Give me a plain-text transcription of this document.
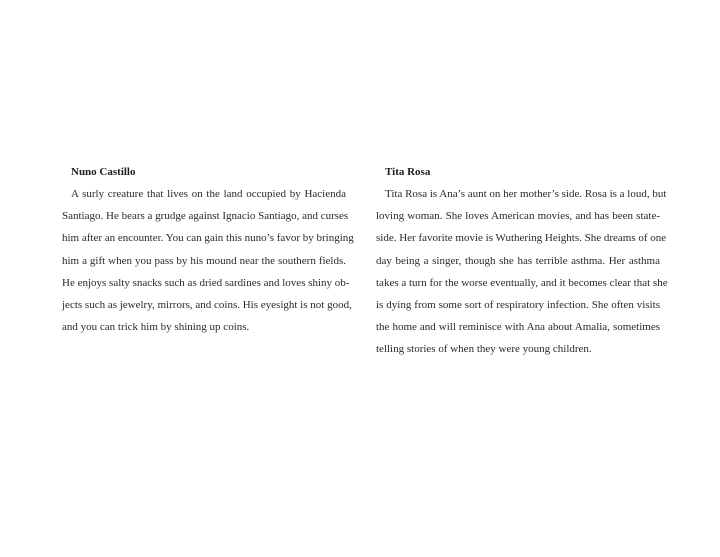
Nuno Castillo
A surly creature that lives on the land occupied by Hacienda
Santiago. He bears a grudge against Ignacio Santiago, and curses
him after an encounter. You can gain this nuno’s favor by bringing
him a gift when you pass by his mound near the southern fields.
He enjoys salty snacks such as dried sardines and loves shiny ob-
jects such as jewelry, mirrors, and coins. His eyesight is not good,
and you can trick him by shining up coins.
Tita Rosa
Tita Rosa is Ana’s aunt on her mother’s side. Rosa is a loud, but
loving woman. She loves American movies, and has been state-
side. Her favorite movie is Wuthering Heights. She dreams of one
day being a singer, though she has terrible asthma. Her asthma
takes a turn for the worse eventually, and it becomes clear that she
is dying from some sort of respiratory infection. She often visits
the home and will reminisce with Ana about Amalia, sometimes
telling stories of when they were young children.
